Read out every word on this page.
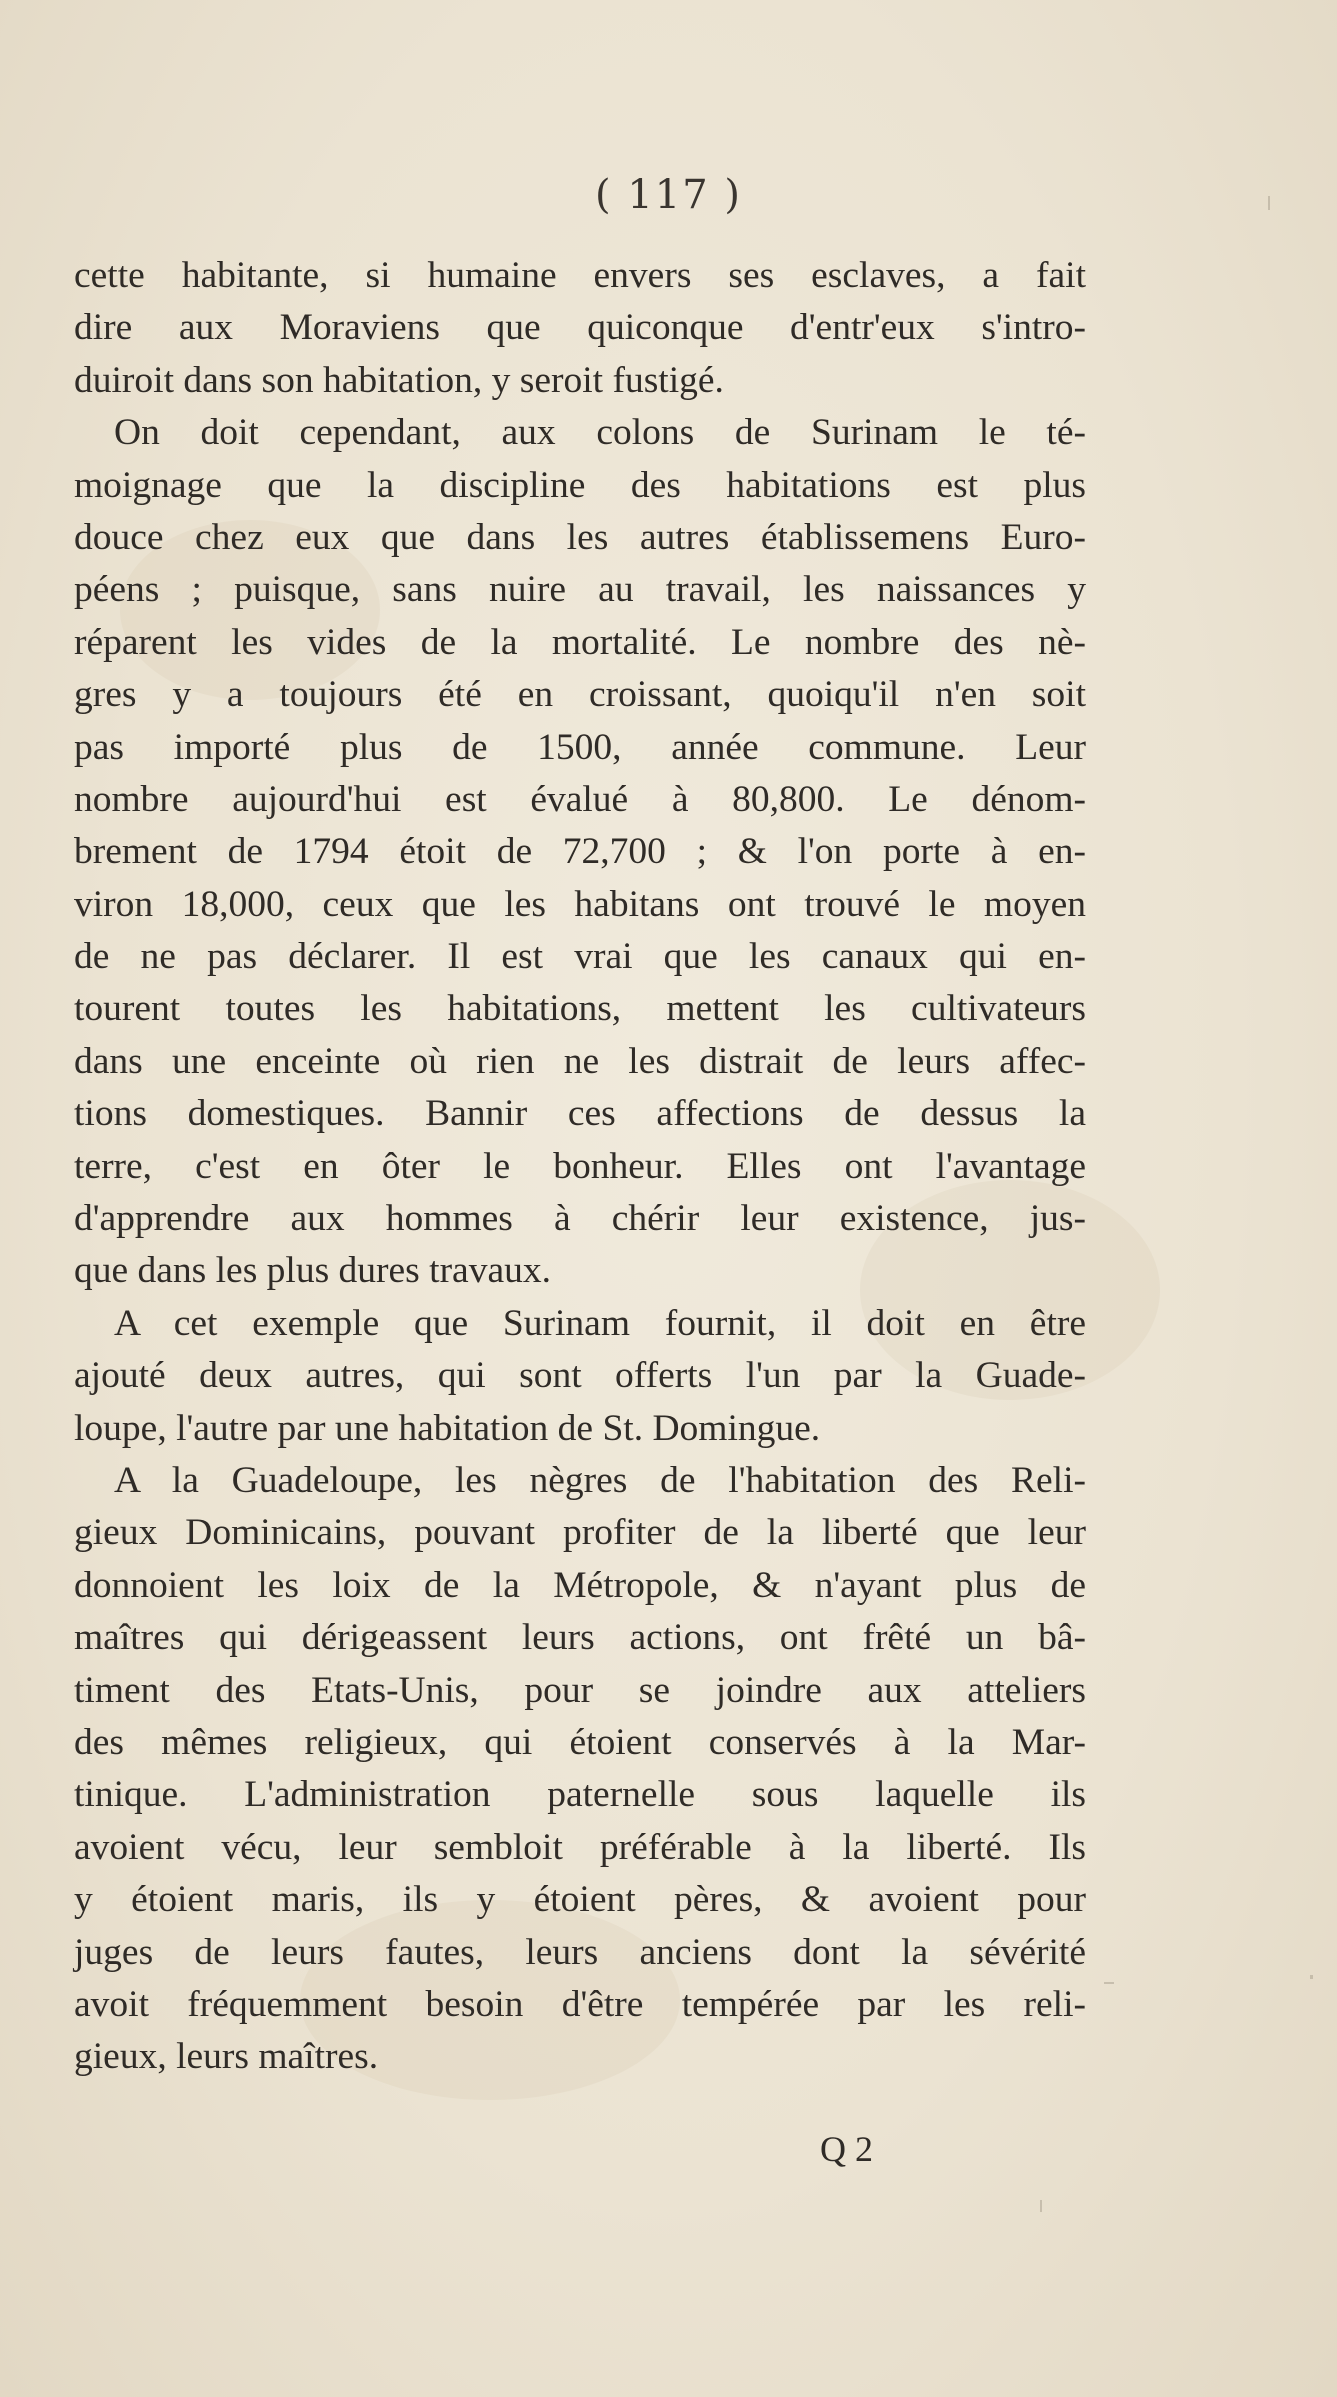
( 117 )
cette habitante, si humaine envers ses esclaves, a fait
dire aux Moraviens que quiconque d'entr'eux s'intro-
duiroit dans son habitation, y seroit fustigé.
On doit cependant, aux colons de Surinam le té-
moignage que la discipline des habitations est plus
douce chez eux que dans les autres établissemens Euro-
péens ; puisque, sans nuire au travail, les naissances y
réparent les vides de la mortalité. Le nombre des nè-
gres y a toujours été en croissant, quoiqu'il n'en soit
pas importé plus de 1500, année commune. Leur
nombre aujourd'hui est évalué à 80,800. Le dénom-
brement de 1794 étoit de 72,700 ; & l'on porte à en-
viron 18,000, ceux que les habitans ont trouvé le moyen
de ne pas déclarer. Il est vrai que les canaux qui en-
tourent toutes les habitations, mettent les cultivateurs
dans une enceinte où rien ne les distrait de leurs affec-
tions domestiques. Bannir ces affections de dessus la
terre, c'est en ôter le bonheur. Elles ont l'avantage
d'apprendre aux hommes à chérir leur existence, jus-
que dans les plus dures travaux.
A cet exemple que Surinam fournit, il doit en être
ajouté deux autres, qui sont offerts l'un par la Guade-
loupe, l'autre par une habitation de St. Domingue.
A la Guadeloupe, les nègres de l'habitation des Reli-
gieux Dominicains, pouvant profiter de la liberté que leur
donnoient les loix de la Métropole, & n'ayant plus de
maîtres qui dérigeassent leurs actions, ont frêté un bâ-
timent des Etats-Unis, pour se joindre aux atteliers
des mêmes religieux, qui étoient conservés à la Mar-
tinique. L'administration paternelle sous laquelle ils
avoient vécu, leur sembloit préférable à la liberté. Ils
y étoient maris, ils y étoient pères, & avoient pour
juges de leurs fautes, leurs anciens dont la sévérité
avoit fréquemment besoin d'être tempérée par les reli-
gieux, leurs maîtres.
Q 2
